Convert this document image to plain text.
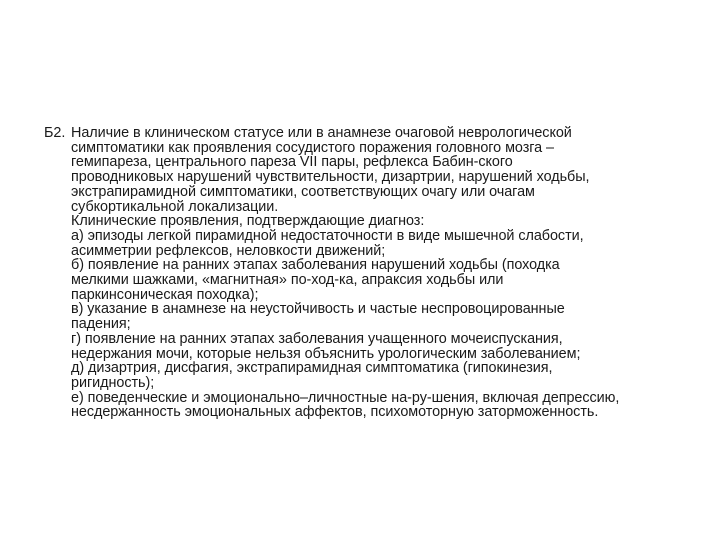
Б2. Наличие в клиническом статусе или в анамнезе очаговой неврологической
симптоматики как проявления сосудистого поражения головного мозга –
гемипареза, центрального пареза VII пары, рефлекса Бабин-ского
проводниковых нарушений чувствительности, дизартрии, нарушений ходьбы,
экстрапирамидной симптоматики, соответствующих очагу или очагам
субкортикальной локализации.
Клинические проявления, подтверждающие диагноз:
а) эпизоды легкой пирамидной недостаточности в виде мышечной слабости,
асимметрии рефлексов, неловкости движений;
б) появление на ранних этапах заболевания нарушений ходьбы (походка
мелкими шажками, «магнитная» по-ход-ка, апраксия ходьбы или
паркинсоническая походка);
в) указание в анамнезе на неустойчивость и частые неспровоцированные
падения;
г) появление на ранних этапах заболевания учащенного мочеиспускания,
недержания мочи, которые нельзя объяснить урологическим заболеванием;
д) дизартрия, дисфагия, экстрапирамидная симптоматика (гипокинезия,
ригидность);
е) поведенческие и эмоционально–личностные на-ру-шения, включая депрессию,
несдержанность эмоциональных аффектов, психомоторную заторможенность.
